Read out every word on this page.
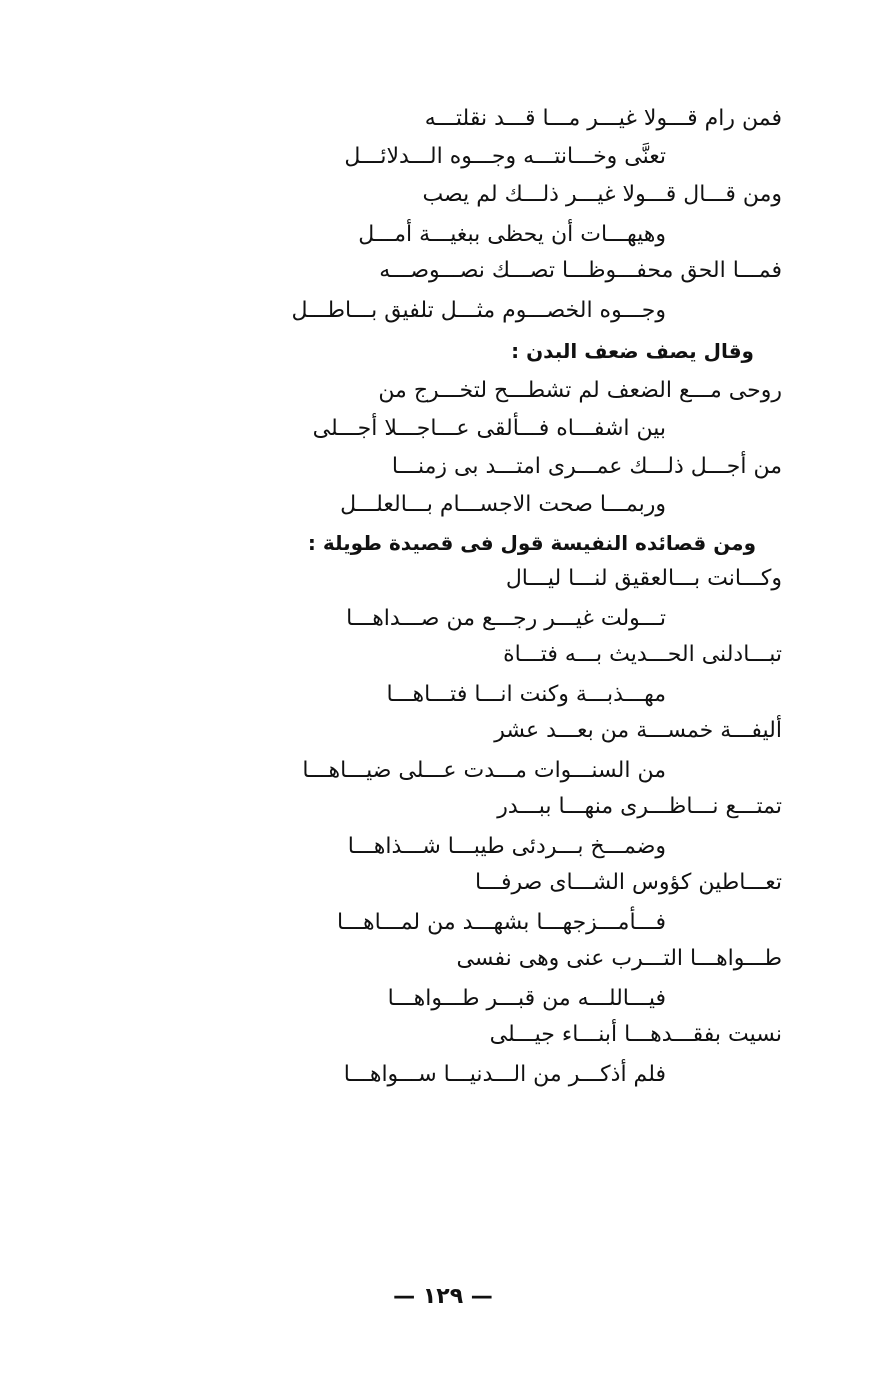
فمن رام قـــولا غيـــر مـــا قـــد نقلتـــه
تعنَّى وخـــانتـــه وجـــوه الـــدلائـــل
ومن قـــال قـــولا غيـــر ذلـــك لم يصب
وهيهـــات أن يحظى ببغيـــة أمـــل
فمـــا الحق محفـــوظـــا تصـــك نصـــوصـــه
وجـــوه الخصـــوم مثـــل تلفيق بـــاطـــل
وقال يصف ضعف البدن :
روحى مـــع الضعف لم تشطـــح لتخـــرج من
بين اشفـــاه فـــألقى عـــاجـــلا أجـــلى
من أجـــل ذلـــك عمـــرى امتـــد بى زمنـــا
وربمـــا صحت الاجســـام بـــالعلـــل
ومن قصائده النفيسة قول فى قصيدة طويلة :
وكـــانت بـــالعقيق لنـــا ليـــال
تـــولت غيـــر رجـــع من صـــداهـــا
تبـــادلنى الحـــديث بـــه فتـــاة
مهـــذبـــة وكنت انـــا فتـــاهـــا
أليفـــة خمســـة من بعـــد عشر
من السنـــوات مـــدت عـــلى ضيـــاهـــا
تمتـــع نـــاظـــرى منهـــا ببـــدر
وضمـــخ بـــردئى طيبـــا شـــذاهـــا
تعـــاطين كؤوس الشـــاى صرفـــا
فـــأمـــزجهـــا بشهـــد من لمـــاهـــا
طـــواهـــا التـــرب عنى وهى نفسى
فيـــاللـــه من قبـــر طـــواهـــا
نسيت بفقـــدهـــا أبنـــاء جيـــلى
فلم أذكـــر من الـــدنيـــا ســـواهـــا
— ١٢٩ —
